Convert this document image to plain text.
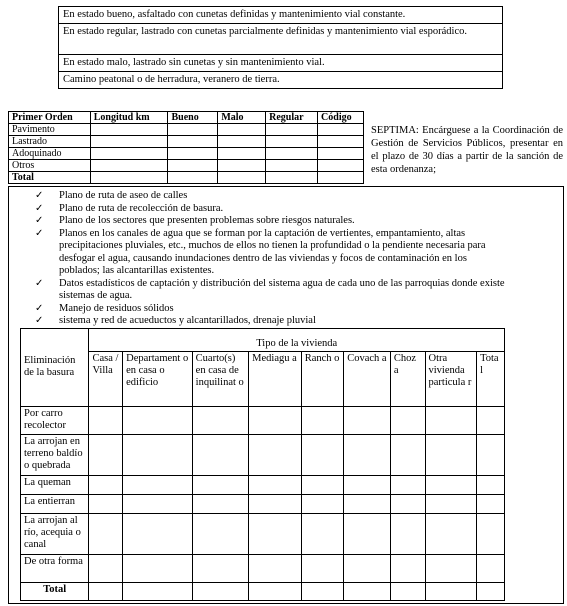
En estado bueno, asfaltado con cunetas definidas y mantenimiento vial constante.
En estado regular, lastrado con cunetas parcialmente definidas y mantenimiento vial esporádico.
En estado malo, lastrado sin cunetas y sin mantenimiento vial.
Camino peatonal o de herradura, veranero de tierra.
Primer Orden	Longitud km	Bueno	Malo	Regular	Código
Pavimento					
Lastrado					
Adoquinado					
Otros					
Total					
SEPTIMA: Encárguese a la Coordinación de Gestión de Servicios Públicos, presentar en el plazo de 30 días a partir de la sanción de esta ordenanza;
✓ Plano de ruta de aseo de calles
✓ Plano de ruta de recolección de basura.
✓ Plano de los sectores que presenten problemas sobre riesgos naturales.
✓ Planos en los canales de agua que se forman por la captación de vertientes, empantamiento, altas precipitaciones pluviales, etc., muchos de ellos no tienen la profundidad o la pendiente necesaria para desfogar el agua, causando inundaciones dentro de las viviendas y focos de contaminación en los poblados; las alcantarillas existentes.
✓ Datos estadísticos de captación y distribución del sistema agua de cada uno de las parroquias donde existe sistemas de agua.
✓ Manejo de residuos sólidos
✓ sistema y red de acueductos y alcantarillados, drenaje pluvial
Eliminación de la basura	Tipo de la vivienda								
	Casa / Villa	Departament o en casa o edificio	Cuarto(s) en casa de inquilinat o	Mediagu a	Ranch o	Covach a	Choz a	Otra vivienda particula r	Tota l
Por carro recolector									
La arrojan en terreno baldío o quebrada									
La queman									
La entierran									
La arrojan al río, acequia o canal									
De otra forma									
Total									
